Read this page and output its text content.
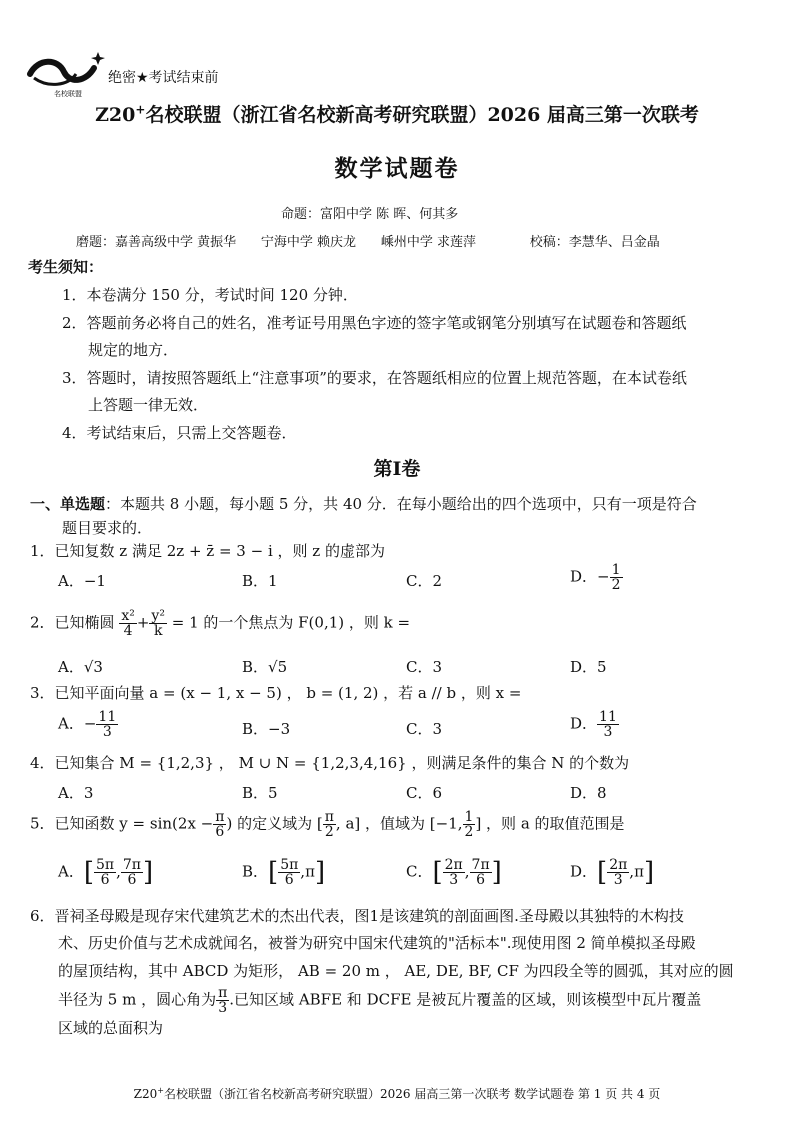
名校联盟
绝密★考试结束前
Z20+名校联盟（浙江省名校新高考研究联盟）2026 届高三第一次联考
数学试题卷
命题：富阳中学 陈 晖、何其多
磨题：嘉善高级中学 黄振华      宁海中学 赖庆龙      嵊州中学 求莲萍             校稿：李慧华、吕金晶
考生须知：
1．本卷满分 150 分，考试时间 120 分钟．
2．答题前务必将自己的姓名，准考证号用黑色字迹的签字笔或钢笔分别填写在试题卷和答题纸
规定的地方．
3．答题时，请按照答题纸上“注意事项”的要求，在答题纸相应的位置上规范答题，在本试卷纸
上答题一律无效．
4．考试结束后，只需上交答题卷．
第Ⅰ卷
一、单选题：本题共 8 小题，每小题 5 分，共 40 分．在每小题给出的四个选项中，只有一项是符合
题目要求的．
1．已知复数 z 满足 2z + z̄ = 3 − i ，则 z 的虚部为
A．−1	B．1	C．2	D．− $\frac{1}{2}$
2．已知椭圆 $\frac{\text{x²}}{4} + \frac{\text{y²}}{k} = 1$ 的一个焦点为 F(0,1) ，则 k =
A．√3	B．√5	C．3	D．5
3．已知平面向量 a = (x − 1, x − 5) ， b = (1, 2) ，若 a // b ，则 x =
A．− $\frac{11}{3}$	B．−3	C．3	D． $\frac{11}{3}$
4．已知集合 M = {1,2,3} ， M ∪ N = {1,2,3,4,16} ，则满足条件的集合 N 的个数为
A．3	B．5	C．6	D．8
5．已知函数 $y = \sin(2x - \frac{\pi}{6}$ ) 的定义域为 [ $\frac{\pi}{2}$ , a] ，值域为 [−1, $\frac{1}{2}$ ] ，则 a 的取值范围是
A．[ $\frac{5\pi}{6}$ , $\frac{7\pi}{6}$ ]	B．[ $\frac{5\pi}{6} ,\pi$]	C．[ $\frac{2\pi}{3}$ , $\frac{7\pi}{6}$ ]	D．[ $\frac{2\pi}{3} ,\pi$]
6．晋祠圣母殿是现存宋代建筑艺术的杰出代表，图1是该建筑的剖面画图.圣母殿以其独特的木构技
术、历史价值与艺术成就闻名，被誉为研究中国宋代建筑的"活标本".现使用图 2 简单模拟圣母殿
的屋顶结构，其中 ABCD 为矩形， AB = 20 m ， AE, DE, BF, CF 为四段全等的圆弧，其对应的圆
半径为 5 m ，圆心角为 $\frac{\pi}{3}$ .已知区域 ABFE 和 DCFE 是被瓦片覆盖的区域，则该模型中瓦片覆盖
区域的总面积为
Z20+名校联盟（浙江省名校新高考研究联盟）2026 届高三第一次联考 数学试题卷 第 1 页 共 4 页
